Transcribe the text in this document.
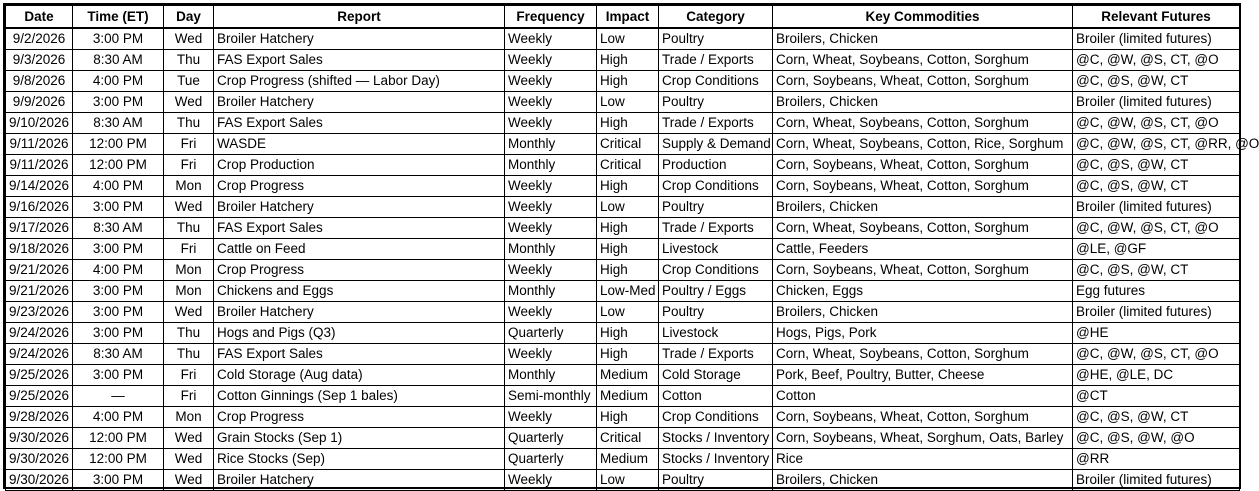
Date	Time (ET)	Day	Report	Frequency	Impact	Category	Key Commodities	Relevant Futures
9/2/2026	3:00 PM	Wed	Broiler Hatchery	Weekly	Low	Poultry	Broilers, Chicken	Broiler (limited futures)
9/3/2026	8:30 AM	Thu	FAS Export Sales	Weekly	High	Trade / Exports	Corn, Wheat, Soybeans, Cotton, Sorghum	@C, @W, @S, CT, @O
9/8/2026	4:00 PM	Tue	Crop Progress (shifted — Labor Day)	Weekly	High	Crop Conditions	Corn, Soybeans, Wheat, Cotton, Sorghum	@C, @S, @W, CT
9/9/2026	3:00 PM	Wed	Broiler Hatchery	Weekly	Low	Poultry	Broilers, Chicken	Broiler (limited futures)
9/10/2026	8:30 AM	Thu	FAS Export Sales	Weekly	High	Trade / Exports	Corn, Wheat, Soybeans, Cotton, Sorghum	@C, @W, @S, CT, @O
9/11/2026	12:00 PM	Fri	WASDE	Monthly	Critical	Supply & Demand	Corn, Wheat, Soybeans, Cotton, Rice, Sorghum	@C, @W, @S, CT, @RR, @O
9/11/2026	12:00 PM	Fri	Crop Production	Monthly	Critical	Production	Corn, Soybeans, Wheat, Cotton, Sorghum	@C, @S, @W, CT
9/14/2026	4:00 PM	Mon	Crop Progress	Weekly	High	Crop Conditions	Corn, Soybeans, Wheat, Cotton, Sorghum	@C, @S, @W, CT
9/16/2026	3:00 PM	Wed	Broiler Hatchery	Weekly	Low	Poultry	Broilers, Chicken	Broiler (limited futures)
9/17/2026	8:30 AM	Thu	FAS Export Sales	Weekly	High	Trade / Exports	Corn, Wheat, Soybeans, Cotton, Sorghum	@C, @W, @S, CT, @O
9/18/2026	3:00 PM	Fri	Cattle on Feed	Monthly	High	Livestock	Cattle, Feeders	@LE, @GF
9/21/2026	4:00 PM	Mon	Crop Progress	Weekly	High	Crop Conditions	Corn, Soybeans, Wheat, Cotton, Sorghum	@C, @S, @W, CT
9/21/2026	3:00 PM	Mon	Chickens and Eggs	Monthly	Low-Med	Poultry / Eggs	Chicken, Eggs	Egg futures
9/23/2026	3:00 PM	Wed	Broiler Hatchery	Weekly	Low	Poultry	Broilers, Chicken	Broiler (limited futures)
9/24/2026	3:00 PM	Thu	Hogs and Pigs (Q3)	Quarterly	High	Livestock	Hogs, Pigs, Pork	@HE
9/24/2026	8:30 AM	Thu	FAS Export Sales	Weekly	High	Trade / Exports	Corn, Wheat, Soybeans, Cotton, Sorghum	@C, @W, @S, CT, @O
9/25/2026	3:00 PM	Fri	Cold Storage (Aug data)	Monthly	Medium	Cold Storage	Pork, Beef, Poultry, Butter, Cheese	@HE, @LE, DC
9/25/2026	—	Fri	Cotton Ginnings (Sep 1 bales)	Semi-monthly	Medium	Cotton	Cotton	@CT
9/28/2026	4:00 PM	Mon	Crop Progress	Weekly	High	Crop Conditions	Corn, Soybeans, Wheat, Cotton, Sorghum	@C, @S, @W, CT
9/30/2026	12:00 PM	Wed	Grain Stocks (Sep 1)	Quarterly	Critical	Stocks / Inventory	Corn, Soybeans, Wheat, Sorghum, Oats, Barley	@C, @S, @W, @O
9/30/2026	12:00 PM	Wed	Rice Stocks (Sep)	Quarterly	Medium	Stocks / Inventory	Rice	@RR
9/30/2026	3:00 PM	Wed	Broiler Hatchery	Weekly	Low	Poultry	Broilers, Chicken	Broiler (limited futures)
